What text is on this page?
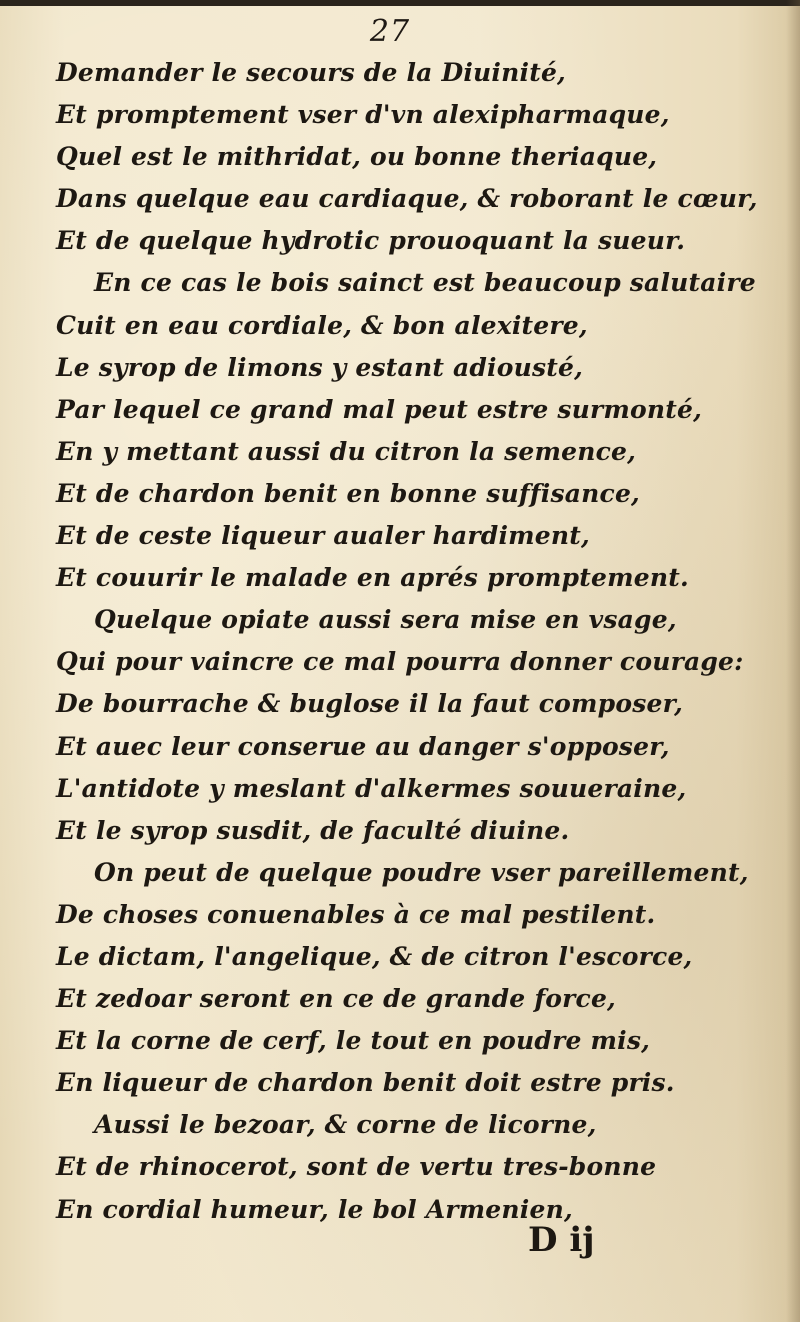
27
Demander le secours de la Diuinité,
Et promptement vser d'vn alexipharmaque,
Quel est le mithridat, ou bonne theriaque,
Dans quelque eau cardiaque, & roborant le cœur,
Et de quelque hydrotic prouoquant la sueur.
En ce cas le bois sainct est beaucoup salutaire
Cuit en eau cordiale, & bon alexitere,
Le syrop de limons y estant adiousté,
Par lequel ce grand mal peut estre surmonté,
En y mettant aussi du citron la semence,
Et de chardon benit en bonne suffisance,
Et de ceste liqueur aualer hardiment,
Et couurir le malade en aprés promptement.
Quelque opiate aussi sera mise en vsage,
Qui pour vaincre ce mal pourra donner courage:
De bourrache & buglose il la faut composer,
Et auec leur conserue au danger s'opposer,
L'antidote y meslant d'alkermes souueraine,
Et le syrop susdit, de faculté diuine.
On peut de quelque poudre vser pareillement,
De choses conuenables à ce mal pestilent.
Le dictam, l'angelique, & de citron l'escorce,
Et zedoar seront en ce de grande force,
Et la corne de cerf, le tout en poudre mis,
En liqueur de chardon benit doit estre pris.
Aussi le bezoar, & corne de licorne,
Et de rhinocerot, sont de vertu tres-bonne
En cordial humeur, le bol Armenien,
D ij
